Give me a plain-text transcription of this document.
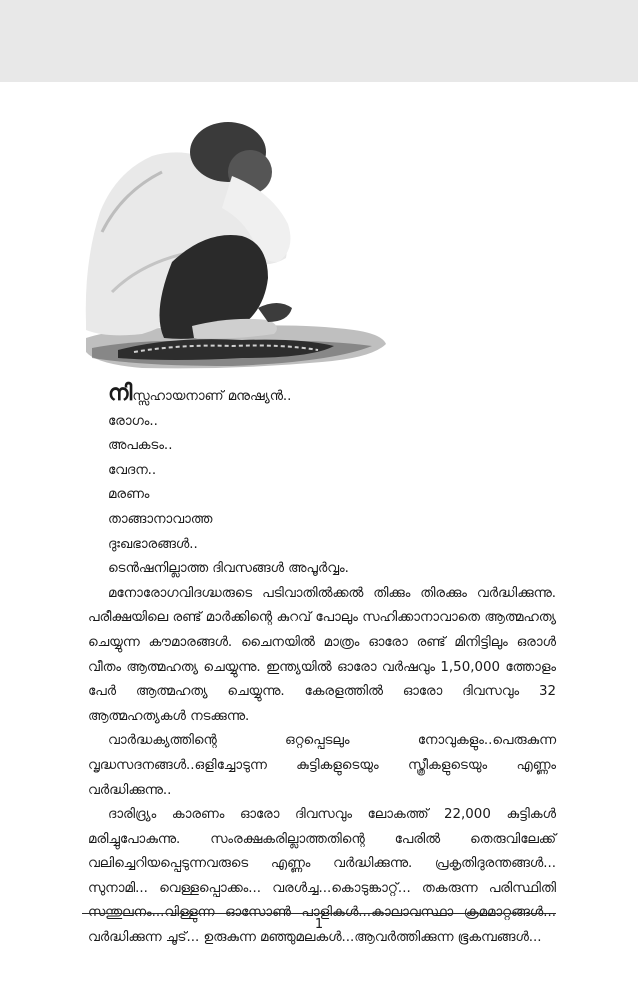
നിസ്സഹായനാണ് മനുഷ്യൻ..

രോഗം..

അപകടം..

വേദന..

മരണം

താങ്ങാനാവാത്ത

ദുഃഖഭാരങ്ങൾ..

ടെൻഷനില്ലാത്ത ദിവസങ്ങൾ അപൂർവ്വം.

മനോരോഗവിദഗ്ദ്ധരുടെ പടിവാതിൽക്കൽ തിക്കും തിരക്കും വർദ്ധിക്കുന്നു. പരീക്ഷയിലെ രണ്ട് മാർക്കിന്റെ കുറവ് പോലും സഹിക്കാനാവാതെ ആത്മഹത്യ ചെയ്യുന്ന കൗമാരങ്ങൾ. ചൈനയിൽ മാത്രം ഓരോ രണ്ട് മിനിട്ടിലും ഒരാൾ വീതം ആത്മഹത്യ ചെയ്യുന്നു. ഇന്ത്യയിൽ ഓരോ വർഷവും 1,50,000 ത്തോളം പേർ ആത്മഹത്യ ചെയ്യുന്നു. കേരളത്തിൽ ഓരോ ദിവസവും 32 ആത്മഹത്യകൾ നടക്കുന്നു.

വാർദ്ധക്യത്തിന്റെ ഒറ്റപ്പെടലും നോവുകളും..പെരുകുന്ന വൃദ്ധസദനങ്ങൾ..ഒളിച്ചോടുന്ന കുട്ടികളുടെയും സ്ത്രീകളുടെയും എണ്ണം വർദ്ധിക്കുന്നു..

ദാരിദ്ര്യം കാരണം ഓരോ ദിവസവും ലോകത്ത് 22,000 കുട്ടികൾ മരിച്ചുപോകുന്നു. സംരക്ഷകരില്ലാത്തതിന്റെ പേരിൽ തെരുവിലേക്ക് വലിച്ചെറിയപ്പെടുന്നവരുടെ എണ്ണം വർദ്ധിക്കുന്നു. പ്രകൃതിദുരന്തങ്ങൾ... സുനാമി... വെള്ളപ്പൊക്കം... വരൾച്ച...കൊടുങ്കാറ്റ്... തകരുന്ന പരിസ്ഥിതി സന്തുലനം...വിള്ളുന്ന ഓസോൺ പാളികൾ...കാലാവസ്ഥാ ക്രമമാറ്റങ്ങൾ... വർദ്ധിക്കുന്ന ചൂട്... ഉരുകുന്ന മഞ്ഞുമലകൾ...ആവർത്തിക്കുന്ന ഭൂകമ്പങ്ങൾ...

1
